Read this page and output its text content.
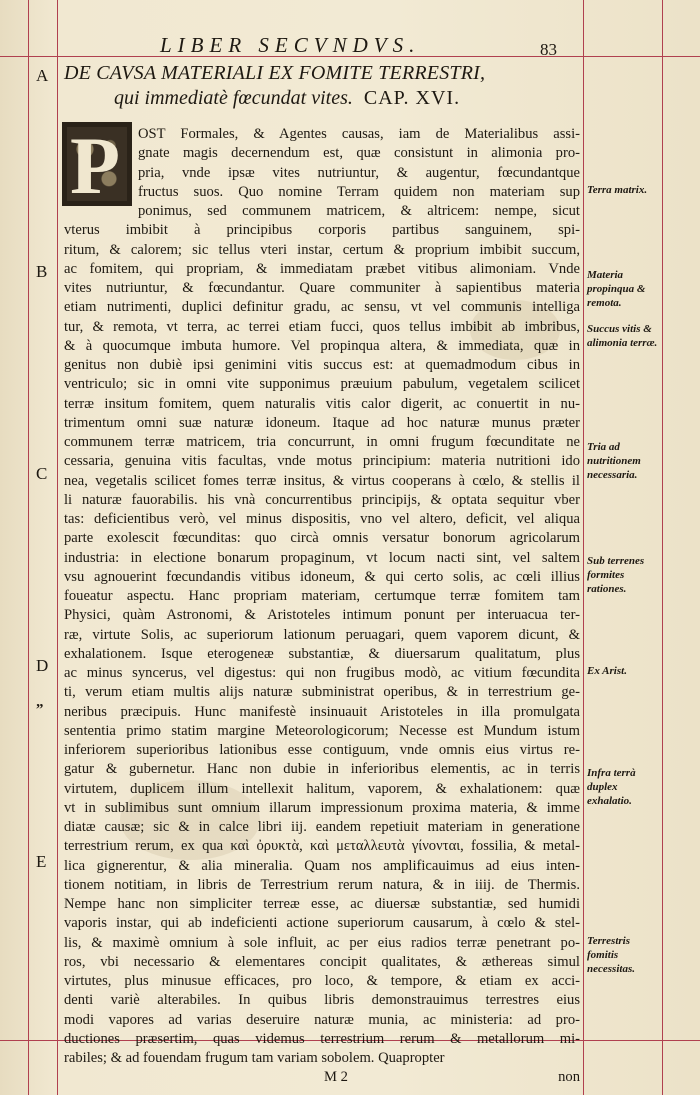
LIBER SECVNDVS.	83
A
B
C
D
„
E
DE CAVSA MATERIALI EX FOMITE TERRESTRI,
qui immediatè fœcundat vites. CAP. XVI.
P	OST Formales, & Agentes causas, iam de Materialibus assi-
gnate magis decernendum est, quæ consistunt in alimonia pro-
pria, vnde ipsæ vites nutriuntur, & augentur, fœcundantque
fructus suos. Quo nomine Terram quidem non materiam sup
ponimus, sed communem matricem, & altricem: nempe, sicut
vterus imbibit à principibus corporis partibus sanguinem, spi-
ritum, & calorem; sic tellus vteri instar, certum & proprium imbibit succum,
ac fomitem, qui propriam, & immediatam præbet vitibus alimoniam. Vnde
vites nutriuntur, & fœcundantur. Quare communiter à sapientibus materia
etiam nutrimenti, duplici definitur gradu, ac sensu, vt vel communis intelliga
tur, & remota, vt terra, ac terrei etiam fucci, quos tellus imbibit ab imbribus,
& à quocumque imbuta humore. Vel propinqua altera, & immediata, quæ in
genitus non dubiè ipsi genimini vitis succus est: at quemadmodum cibus in
ventriculo; sic in omni vite supponimus præuium pabulum, vegetalem scilicet
terræ insitum fomitem, quem naturalis vitis calor digerit, ac conuertit in nu-
trimentum omni suæ naturæ idoneum. Itaque ad hoc naturæ munus præter
communem terræ matricem, tria concurrunt, in omni frugum fœcunditate ne
cessaria, genuina vitis facultas, vnde motus principium: materia nutritioni ido
nea, vegetalis scilicet fomes terræ insitus, & virtus cooperans à cœlo, & stellis il
li naturæ fauorabilis. his vnà concurrentibus principijs, & optata sequitur vber
tas: deficientibus verò, vel minus dispositis, vno vel altero, deficit, vel aliqua
parte exolescit fœcunditas: quo circà omnis versatur bonorum agricolarum
industria: in electione bonarum propaginum, vt locum nacti sint, vel saltem
vsu agnouerint fœcundandis vitibus idoneum, & qui certo solis, ac cœli illius
foueatur aspectu. Hanc propriam materiam, certumque terræ fomitem tam
Physici, quàm Astronomi, & Aristoteles intimum ponunt per interuacua ter-
ræ, virtute Solis, ac superiorum lationum peruagari, quem vaporem dicunt, &
exhalationem. Isque eterogeneæ substantiæ, & diuersarum qualitatum, plus
ac minus syncerus, vel digestus: qui non frugibus modò, ac vitium fœcundita
ti, verum etiam multis alijs naturæ subministrat operibus, & in terrestrium ge-
neribus præcipuis. Hunc manifestè insinuauit Aristoteles in illa promulgata
sententia primo statim margine Meteorologicorum; Necesse est Mundum istum
inferiorem superioribus lationibus esse contiguum, vnde omnis eius virtus re-
gatur & gubernetur. Hanc non dubie in inferioribus elementis, ac in terris
virtutem, duplicem illum intellexit halitum, vaporem, & exhalationem: quæ
vt in sublimibus sunt omnium illarum impressionum proxima materia, & imme
diatæ causæ; sic & in calce libri iij. eandem repetiuit materiam in generatione
terrestrium rerum, ex qua καὶ ὀρυκτὰ, καὶ μεταλλευτὰ γίνονται, fossilia, & metal-
lica gignerentur, & alia mineralia. Quam nos amplificauimus ad eius inten-
tionem notitiam, in libris de Terrestrium rerum natura, & in iiij. de Thermis.
Nempe hanc non simpliciter terreæ esse, ac diuersæ substantiæ, sed humidi
vaporis instar, qui ab indeficienti actione superiorum causarum, à cœlo & stel-
lis, & maximè omnium à sole influit, ac per eius radios terræ penetrant po-
ros, vbi necessario & elementares concipit qualitates, & æthereas simul
virtutes, plus minusue efficaces, pro loco, & tempore, & etiam ex acci-
denti variè alterabiles. In quibus libris demonstrauimus terrestres eius
modi vapores ad varias deseruire naturæ munia, ac ministeria: ad pro-
ductiones præsertim, quas videmus terrestrium rerum & metallorum mi-
rabiles; & ad fouendam frugum tam variam sobolem. Quapropter
M 2	non
Terra matrix.
Materia propinqua & remota.
Succus vitis & alimonia terræ.
Tria ad nutritionem necessaria.
Sub terrenes formites rationes.
Ex Arist.
Infra terrà duplex exhalatio.
Terrestris fomitis necessitas.
